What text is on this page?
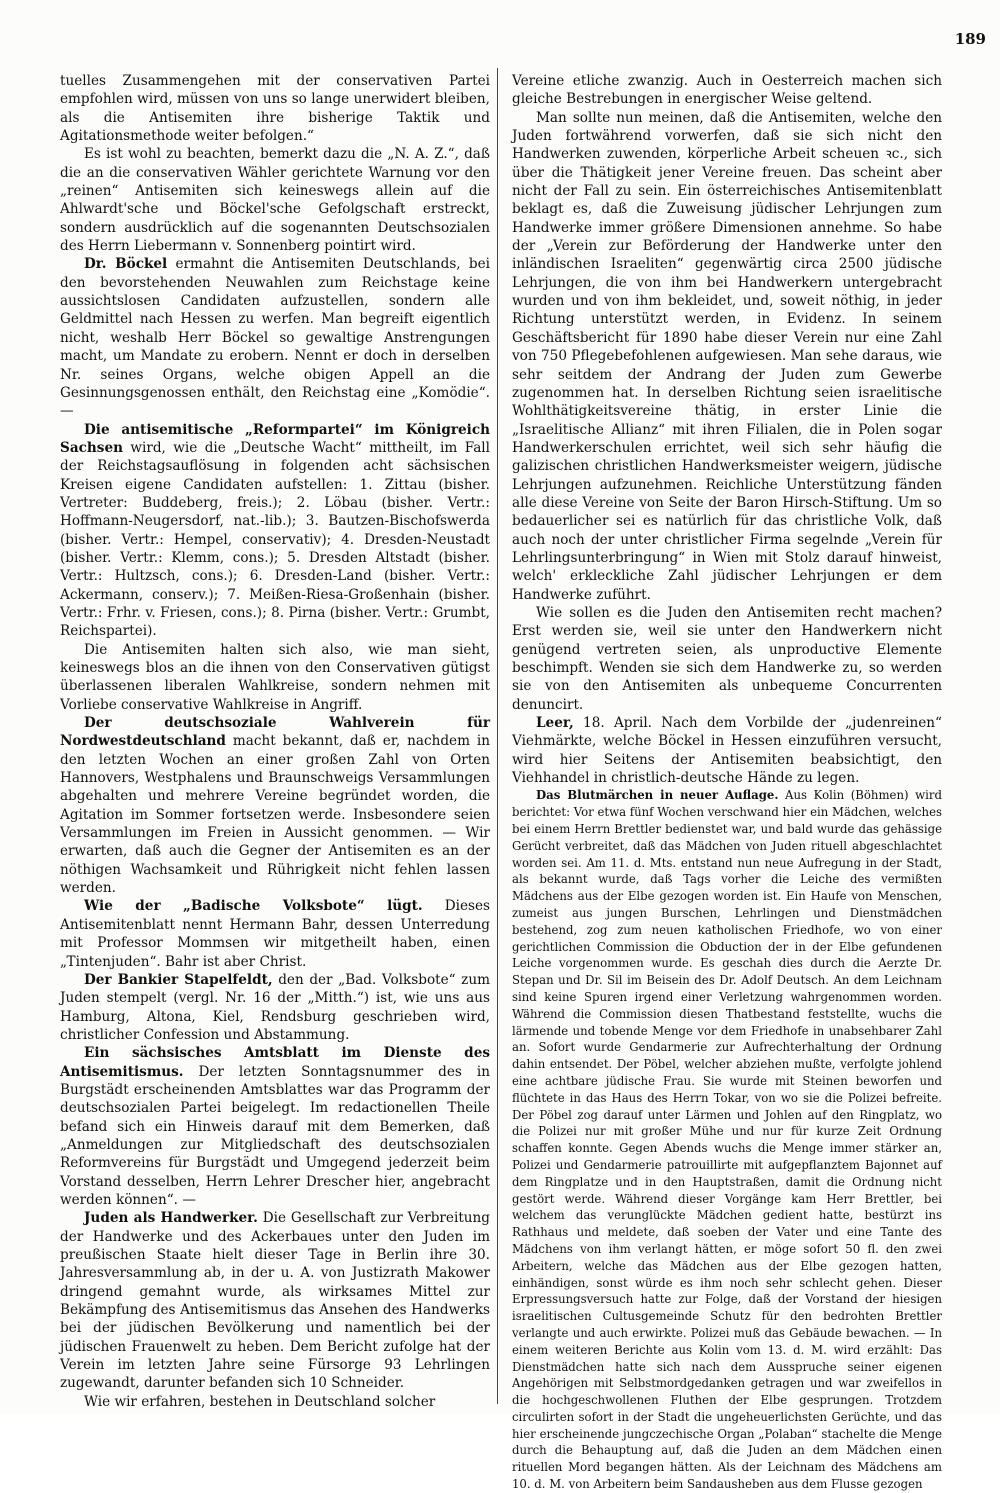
189

tuelles Zusammengehen mit der conservativen Partei empfohlen wird, müssen von uns so lange unerwidert bleiben, als die Antisemiten ihre bisherige Taktik und Agitationsmethode weiter befolgen.“

Es ist wohl zu beachten, bemerkt dazu die „N. A. Z.“, daß die an die conservativen Wähler gerichtete Warnung vor den „reinen“ Antisemiten sich keineswegs allein auf die Ahlwardt'sche und Böckel'sche Gefolgschaft erstreckt, sondern ausdrücklich auf die sogenannten Deutschsozialen des Herrn Liebermann v. Sonnenberg pointirt wird.

Dr. Böckel ermahnt die Antisemiten Deutschlands, bei den bevorstehenden Neuwahlen zum Reichstage keine aussichtslosen Candidaten aufzustellen, sondern alle Geldmittel nach Hessen zu werfen. Man begreift eigentlich nicht, weshalb Herr Böckel so gewaltige Anstrengungen macht, um Mandate zu erobern. Nennt er doch in derselben Nr. seines Organs, welche obigen Appell an die Gesinnungsgenossen enthält, den Reichstag eine „Komödie“. —

Die antisemitische „Reformpartei“ im Königreich Sachsen wird, wie die „Deutsche Wacht“ mittheilt, im Fall der Reichstagsauflösung in folgenden acht sächsischen Kreisen eigene Candidaten aufstellen: 1. Zittau (bisher. Vertreter: Buddeberg, freis.); 2. Löbau (bisher. Vertr.: Hoffmann-Neugersdorf, nat.-lib.); 3. Bautzen-Bischofswerda (bisher. Vertr.: Hempel, conservativ); 4. Dresden-Neustadt (bisher. Vertr.: Klemm, cons.); 5. Dresden Altstadt (bisher. Vertr.: Hultzsch, cons.); 6. Dresden-Land (bisher. Vertr.: Ackermann, conserv.); 7. Meißen-Riesa-Großenhain (bisher. Vertr.: Frhr. v. Friesen, cons.); 8. Pirna (bisher. Vertr.: Grumbt, Reichspartei).

Die Antisemiten halten sich also, wie man sieht, keineswegs blos an die ihnen von den Conservativen gütigst überlassenen liberalen Wahlkreise, sondern nehmen mit Vorliebe conservative Wahlkreise in Angriff.

Der deutschsoziale Wahlverein für Nordwestdeutschland macht bekannt, daß er, nachdem in den letzten Wochen an einer großen Zahl von Orten Hannovers, Westphalens und Braunschweigs Versammlungen abgehalten und mehrere Vereine begründet worden, die Agitation im Sommer fortsetzen werde. Insbesondere seien Versammlungen im Freien in Aussicht genommen. — Wir erwarten, daß auch die Gegner der Antisemiten es an der nöthigen Wachsamkeit und Rührigkeit nicht fehlen lassen werden.

Wie der „Badische Volksbote“ lügt. Dieses Antisemitenblatt nennt Hermann Bahr, dessen Unterredung mit Professor Mommsen wir mitgetheilt haben, einen „Tintenjuden“. Bahr ist aber Christ.

Der Bankier Stapelfeldt, den der „Bad. Volksbote“ zum Juden stempelt (vergl. Nr. 16 der „Mitth.“) ist, wie uns aus Hamburg, Altona, Kiel, Rendsburg geschrieben wird, christlicher Confession und Abstammung.

Ein sächsisches Amtsblatt im Dienste des Antisemitismus. Der letzten Sonntagsnummer des in Burgstädt erscheinenden Amtsblattes war das Programm der deutschsozialen Partei beigelegt. Im redactionellen Theile befand sich ein Hinweis darauf mit dem Bemerken, daß „Anmeldungen zur Mitgliedschaft des deutschsozialen Reformvereins für Burgstädt und Umgegend jederzeit beim Vorstand desselben, Herrn Lehrer Drescher hier, angebracht werden können“. —

Juden als Handwerker. Die Gesellschaft zur Verbreitung der Handwerke und des Ackerbaues unter den Juden im preußischen Staate hielt dieser Tage in Berlin ihre 30. Jahresversammlung ab, in der u. A. von Justizrath Makower dringend gemahnt wurde, als wirksames Mittel zur Bekämpfung des Antisemitismus das Ansehen des Handwerks bei der jüdischen Bevölkerung und namentlich bei der jüdischen Frauenwelt zu heben. Dem Bericht zufolge hat der Verein im letzten Jahre seine Fürsorge 93 Lehrlingen zugewandt, darunter befanden sich 10 Schneider.

Wie wir erfahren, bestehen in Deutschland solcher

Vereine etliche zwanzig. Auch in Oesterreich machen sich gleiche Bestrebungen in energischer Weise geltend.

Man sollte nun meinen, daß die Antisemiten, welche den Juden fortwährend vorwerfen, daß sie sich nicht den Handwerken zuwenden, körperliche Arbeit scheuen ꝛc., sich über die Thätigkeit jener Vereine freuen. Das scheint aber nicht der Fall zu sein. Ein österreichisches Antisemitenblatt beklagt es, daß die Zuweisung jüdischer Lehrjungen zum Handwerke immer größere Dimensionen annehme. So habe der „Verein zur Beförderung der Handwerke unter den inländischen Israeliten“ gegenwärtig circa 2500 jüdische Lehrjungen, die von ihm bei Handwerkern untergebracht wurden und von ihm bekleidet, und, soweit nöthig, in jeder Richtung unterstützt werden, in Evidenz. In seinem Geschäftsbericht für 1890 habe dieser Verein nur eine Zahl von 750 Pflegebefohlenen aufgewiesen. Man sehe daraus, wie sehr seitdem der Andrang der Juden zum Gewerbe zugenommen hat. In derselben Richtung seien israelitische Wohlthätigkeitsvereine thätig, in erster Linie die „Israelitische Allianz“ mit ihren Filialen, die in Polen sogar Handwerkerschulen errichtet, weil sich sehr häufig die galizischen christlichen Handwerksmeister weigern, jüdische Lehrjungen aufzunehmen. Reichliche Unterstützung fänden alle diese Vereine von Seite der Baron Hirsch-Stiftung. Um so bedauerlicher sei es natürlich für das christliche Volk, daß auch noch der unter christlicher Firma segelnde „Verein für Lehrlingsunterbringung“ in Wien mit Stolz darauf hinweist, welch' erkleckliche Zahl jüdischer Lehrjungen er dem Handwerke zuführt.

Wie sollen es die Juden den Antisemiten recht machen? Erst werden sie, weil sie unter den Handwerkern nicht genügend vertreten seien, als unproductive Elemente beschimpft. Wenden sie sich dem Handwerke zu, so werden sie von den Antisemiten als unbequeme Concurrenten denuncirt.

Leer, 18. April. Nach dem Vorbilde der „judenreinen“ Viehmärkte, welche Böckel in Hessen einzuführen versucht, wird hier Seitens der Antisemiten beabsichtigt, den Viehhandel in christlich-deutsche Hände zu legen.

Das Blutmärchen in neuer Auflage. Aus Kolin (Böhmen) wird berichtet: Vor etwa fünf Wochen verschwand hier ein Mädchen, welches bei einem Herrn Brettler bedienstet war, und bald wurde das gehässige Gerücht verbreitet, daß das Mädchen von Juden rituell abgeschlachtet worden sei. Am 11. d. Mts. entstand nun neue Aufregung in der Stadt, als bekannt wurde, daß Tags vorher die Leiche des vermißten Mädchens aus der Elbe gezogen worden ist. Ein Haufe von Menschen, zumeist aus jungen Burschen, Lehrlingen und Dienstmädchen bestehend, zog zum neuen katholischen Friedhofe, wo von einer gerichtlichen Commission die Obduction der in der Elbe gefundenen Leiche vorgenommen wurde. Es geschah dies durch die Aerzte Dr. Stepan und Dr. Sil im Beisein des Dr. Adolf Deutsch. An dem Leichnam sind keine Spuren irgend einer Verletzung wahrgenommen worden. Während die Commission diesen Thatbestand feststellte, wuchs die lärmende und tobende Menge vor dem Friedhofe in unabsehbarer Zahl an. Sofort wurde Gendarmerie zur Aufrechterhaltung der Ordnung dahin entsendet. Der Pöbel, welcher abziehen mußte, verfolgte johlend eine achtbare jüdische Frau. Sie wurde mit Steinen beworfen und flüchtete in das Haus des Herrn Tokar, von wo sie die Polizei befreite. Der Pöbel zog darauf unter Lärmen und Johlen auf den Ringplatz, wo die Polizei nur mit großer Mühe und nur für kurze Zeit Ordnung schaffen konnte. Gegen Abends wuchs die Menge immer stärker an, Polizei und Gendarmerie patrouillirte mit aufgepflanztem Bajonnet auf dem Ringplatze und in den Hauptstraßen, damit die Ordnung nicht gestört werde. Während dieser Vorgänge kam Herr Brettler, bei welchem das verunglückte Mädchen gedient hatte, bestürzt ins Rathhaus und meldete, daß soeben der Vater und eine Tante des Mädchens von ihm verlangt hätten, er möge sofort 50 fl. den zwei Arbeitern, welche das Mädchen aus der Elbe gezogen hatten, einhändigen, sonst würde es ihm noch sehr schlecht gehen. Dieser Erpressungsversuch hatte zur Folge, daß der Vorstand der hiesigen israelitischen Cultusgemeinde Schutz für den bedrohten Brettler verlangte und auch erwirkte. Polizei muß das Gebäude bewachen. — In einem weiteren Berichte aus Kolin vom 13. d. M. wird erzählt: Das Dienstmädchen hatte sich nach dem Ausspruche seiner eigenen Angehörigen mit Selbstmordgedanken getragen und war zweifellos in die hochgeschwollenen Fluthen der Elbe gesprungen. Trotzdem circulirten sofort in der Stadt die ungeheuerlichsten Gerüchte, und das hier erscheinende jungczechische Organ „Polaban“ stachelte die Menge durch die Behauptung auf, daß die Juden an dem Mädchen einen rituellen Mord begangen hätten. Als der Leichnam des Mädchens am 10. d. M. von Arbeitern beim Sandausheben aus dem Flusse gezogen
